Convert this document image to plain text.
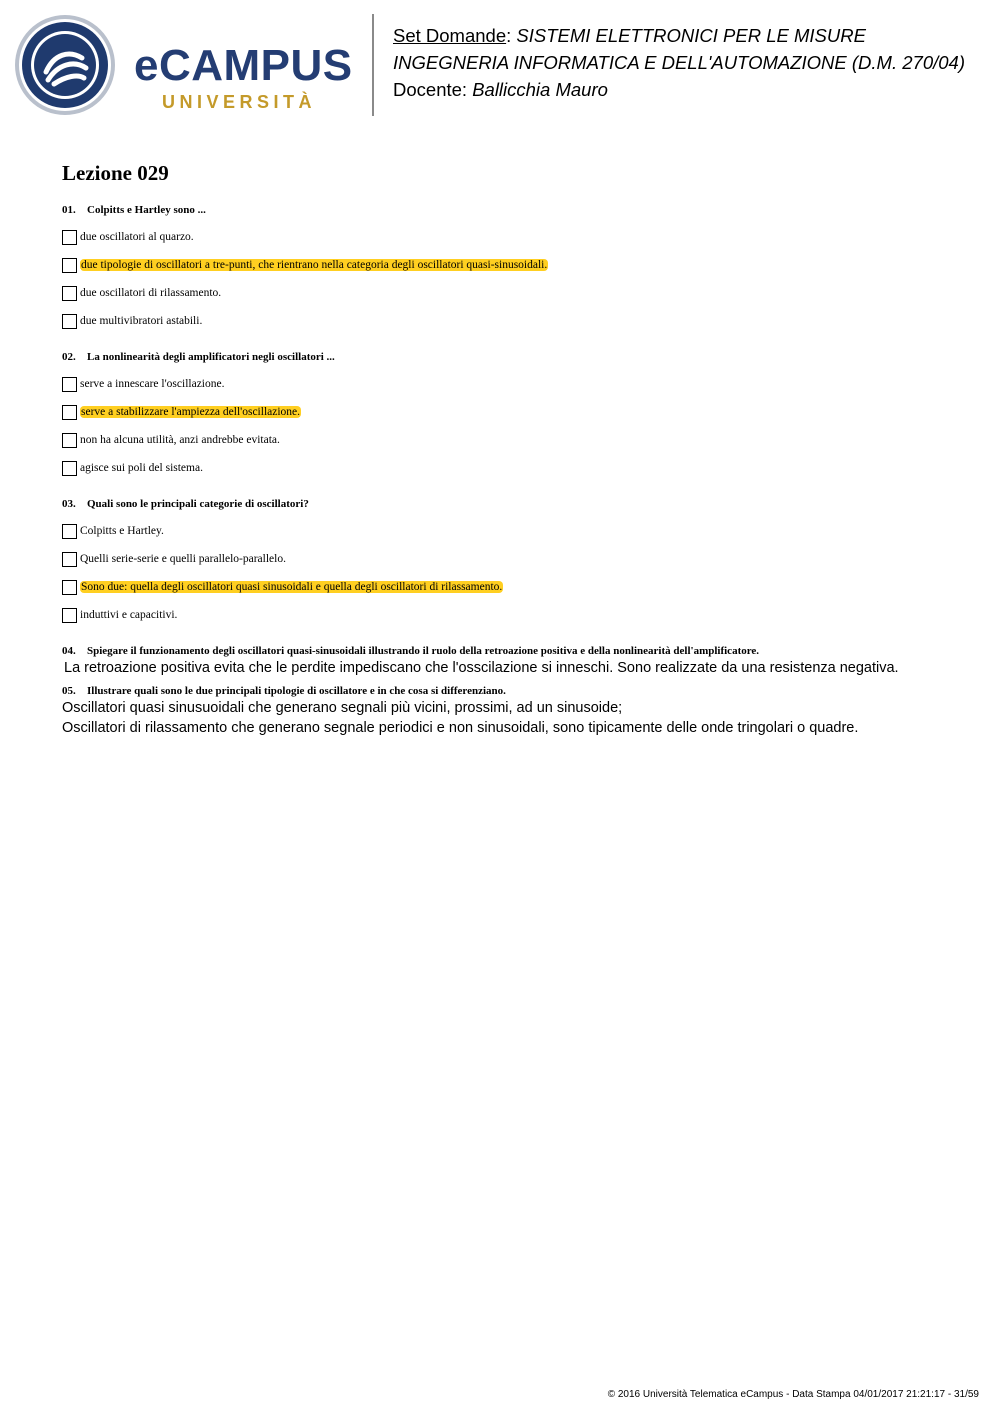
eCAMPUS
UNIVERSITÀ
Set Domande: SISTEMI ELETTRONICI PER LE MISURE
INGEGNERIA INFORMATICA E DELL'AUTOMAZIONE (D.M. 270/04)
Docente: Ballicchia Mauro
Lezione 029

01. Colpitts e Hartley sono ...

due oscillatori al quarzo.
due tipologie di oscillatori a tre-punti, che rientrano nella categoria degli oscillatori quasi-sinusoidali.
due oscillatori di rilassamento.
due multivibratori astabili.

02. La nonlinearità degli amplificatori negli oscillatori ...

serve a innescare l'oscillazione.
serve a stabilizzare l'ampiezza dell'oscillazione.
non ha alcuna utilità, anzi andrebbe evitata.
agisce sui poli del sistema.

03. Quali sono le principali categorie di oscillatori?

Colpitts e Hartley.
Quelli serie-serie e quelli parallelo-parallelo.
Sono due: quella degli oscillatori quasi sinusoidali e quella degli oscillatori di rilassamento.
induttivi e capacitivi.

04. Spiegare il funzionamento degli oscillatori quasi-sinusoidali illustrando il ruolo della retroazione positiva e della nonlinearità dell'amplificatore.

La retroazione positiva evita che le perdite impediscano che l'osscilazione si inneschi. Sono realizzate da una resistenza negativa.

05. Illustrare quali sono le due principali tipologie di oscillatore e in che cosa si differenziano.

Oscillatori quasi sinusuoidali che generano segnali più vicini, prossimi, ad un sinusoide;

Oscillatori di rilassamento che generano segnale periodici e non sinusoidali, sono tipicamente delle onde tringolari o quadre.

© 2016 Università Telematica eCampus - Data Stampa 04/01/2017 21:21:17 - 31/59
